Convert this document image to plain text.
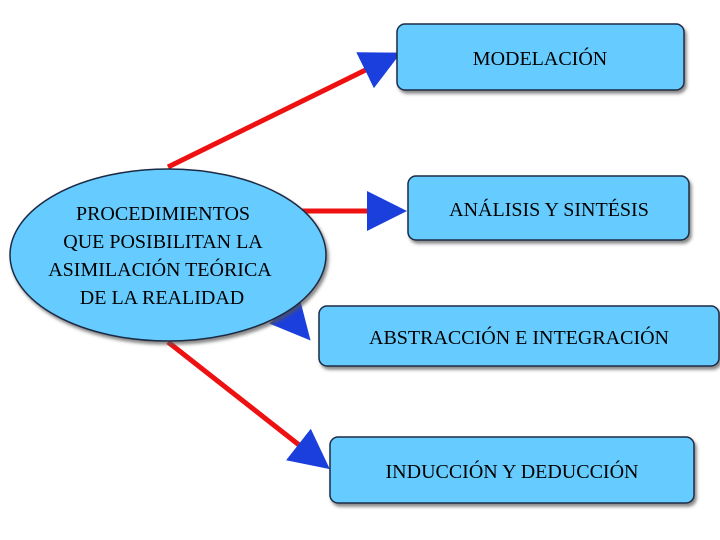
PROCEDIMIENTOS
QUE POSIBILITAN LA
ASIMILACIÓN TEÓRICA
DE LA REALIDAD
MODELACIÓN
ANÁLISIS Y SINTÉSIS
ABSTRACCIÓN E INTEGRACIÓN
INDUCCIÓN Y DEDUCCIÓN
